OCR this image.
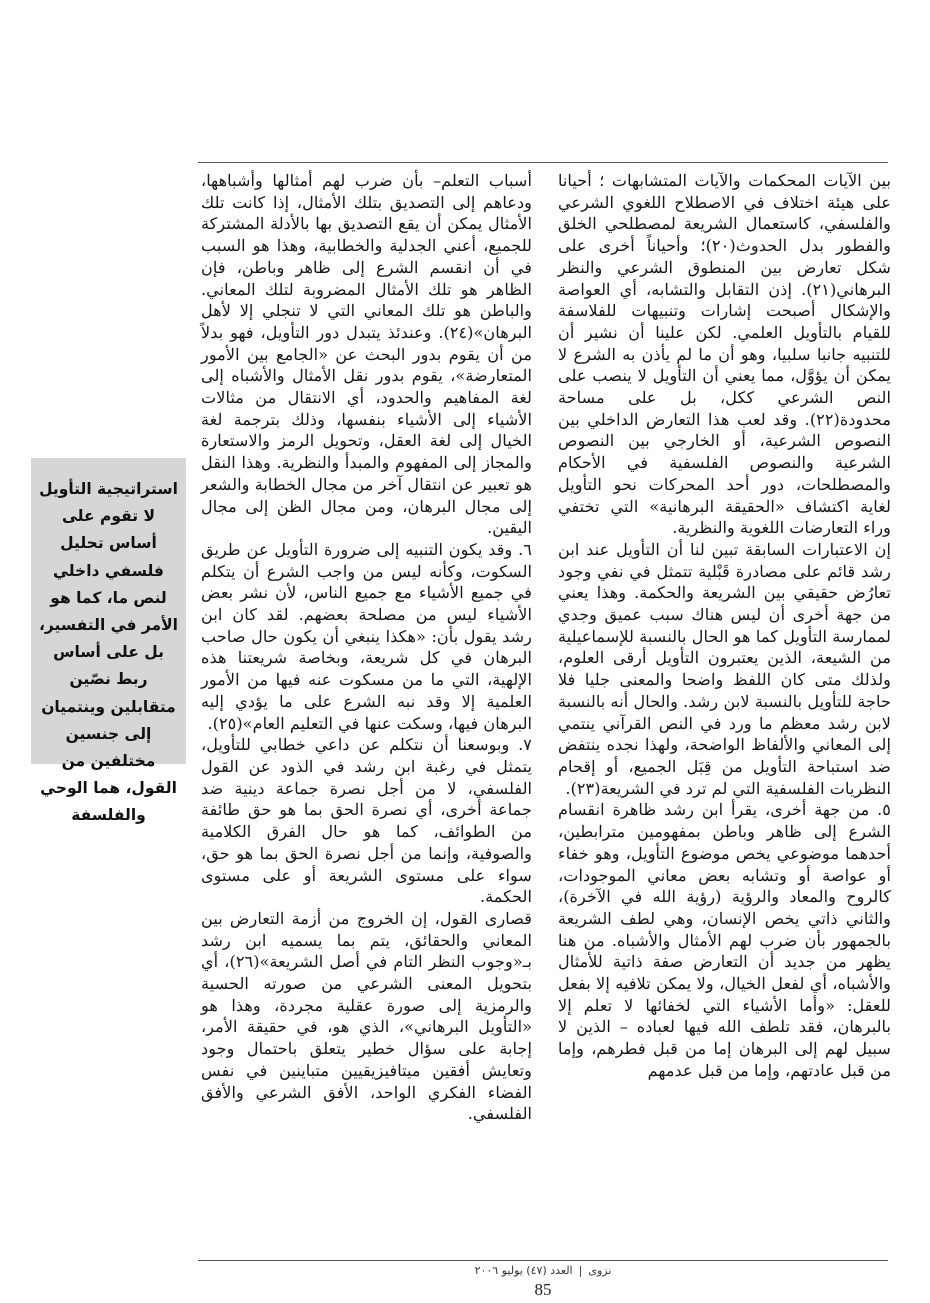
بين الآيات المحكمات والآيات المتشابهات ؛ أحيانا على هيئة اختلاف في الاصطلاح اللغوي الشرعي والفلسفي، كاستعمال الشريعة لمصطلحي الخلق والفطور بدل الحدوث(٢٠)؛ وأحياناً أخرى على شكل تعارض بين المنطوق الشرعي والنظر البرهاني(٢١). إذن التقابل والتشابه، أي العواصة والإشكال أصبحت إشارات وتنبيهات للفلاسفة للقيام بالتأويل العلمي. لكن علينا أن نشير أن للتنبيه جانبا سلبيا، وهو أن ما لم يأذن به الشرع لا يمكن أن يؤوَّل، مما يعني أن التأويل لا ينصب على النص الشرعي ككل، بل على مساحة محدودة(٢٢). وقد لعب هذا التعارض الداخلي بين النصوص الشرعية، أو الخارجي بين النصوص الشرعية والنصوص الفلسفية في الأحكام والمصطلحات، دور أحد المحركات نحو التأويل لغاية اكتشاف «الحقيقة البرهانية» التي تختفي وراء التعارضات اللغوية والنظرية.

إن الاعتبارات السابقة تبين لنا أن التأويل عند ابن رشد قائم على مصادرة قَبْلية تتمثل في نفي وجود تعارُض حقيقي بين الشريعة والحكمة. وهذا يعني من جهة أخرى أن ليس هناك سبب عميق وجدي لممارسة التأويل كما هو الحال بالنسبة للإسماعيلية من الشيعة، الذين يعتبرون التأويل أرقى العلوم، ولذلك متى كان اللفظ واضحا والمعنى جليا فلا حاجة للتأويل بالنسبة لابن رشد. والحال أنه بالنسبة لابن رشد معظم ما ورد في النص القرآني ينتمي إلى المعاني والألفاظ الواضحة، ولهذا نجده ينتفض ضد استباحة التأويل من قِبَل الجميع، أو إقحام النظريات الفلسفية التي لم ترد في الشريعة(٢٣).

٥. من جهة أخرى، يقرأ ابن رشد ظاهرة انقسام الشرع إلى ظاهر وباطن بمفهومين مترابطين، أحدهما موضوعي يخص موضوع التأويل، وهو خفاء أو عواصة أو وتشابه بعض معاني الموجودات، كالروح والمعاد والرؤية (رؤية الله في الآخرة)، والثاني ذاتي يخص الإنسان، وهي لطف الشريعة بالجمهور بأن ضرب لهم الأمثال والأشباه. من هنا يظهر من جديد أن التعارض صفة ذاتية للأمثال والأشباه، أي لفعل الخيال، ولا يمكن تلافيه إلا بفعل للعقل: «وأما الأشياء التي لخفائها لا تعلم إلا بالبرهان، فقد تلطف الله فيها لعباده – الذين لا سبيل لهم إلى البرهان إما من قبل فطرهم، وإما من قبل عادتهم، وإما من قبل عدمهم

أسباب التعلم– بأن ضرب لهم أمثالها وأشباهها، ودعاهم إلى التصديق بتلك الأمثال، إذا كانت تلك الأمثال يمكن أن يقع التصديق بها بالأدلة المشتركة للجميع، أعني الجدلية والخطابية، وهذا هو السبب في أن انقسم الشرع إلى ظاهر وباطن، فإن الظاهر هو تلك الأمثال المضروبة لتلك المعاني. والباطن هو تلك المعاني التي لا تنجلي إلا لأهل البرهان»(٢٤). وعندئذ يتبدل دور التأويل، فهو بدلاً من أن يقوم بدور البحث عن «الجامع بين الأمور المتعارضة»، يقوم بدور نقل الأمثال والأشباه إلى لغة المفاهيم والحدود، أي الانتقال من مثالات الأشياء إلى الأشياء بنفسها، وذلك بترجمة لغة الخيال إلى لغة العقل، وتحويل الرمز والاستعارة والمجاز إلى المفهوم والمبدأ والنظرية. وهذا النقل هو تعبير عن انتقال آخر من مجال الخطابة والشعر إلى مجال البرهان، ومن مجال الظن إلى مجال اليقين.

٦. وقد يكون التنبيه إلى ضرورة التأويل عن طريق السكوت، وكأنه ليس من واجب الشرع أن يتكلم في جميع الأشياء مع جميع الناس، لأن نشر بعض الأشياء ليس من مصلحة بعضهم. لقد كان ابن رشد يقول بأن: «هكذا ينبغي أن يكون حال صاحب البرهان في كل شريعة، وبخاصة شريعتنا هذه الإلهية، التي ما من مسكوت عنه فيها من الأمور العلمية إلا وقد نبه الشرع على ما يؤدي إليه البرهان فيها، وسكت عنها في التعليم العام»(٢٥).

٧. وبوسعنا أن نتكلم عن داعي خطابي للتأويل، يتمثل في رغبة ابن رشد في الذود عن القول الفلسفي، لا من أجل نصرة جماعة دينية ضد جماعة أخرى، أي نصرة الحق بما هو حق طائفة من الطوائف، كما هو حال الفرق الكلامية والصوفية، وإنما من أجل نصرة الحق بما هو حق، سواء على مستوى الشريعة أو على مستوى الحكمة.

قصارى القول، إن الخروج من أزمة التعارض بين المعاني والحقائق، يتم بما يسميه ابن رشد بـ«وجوب النظر التام في أصل الشريعة»(٢٦)، أي بتحويل المعنى الشرعي من صورته الحسية والرمزية إلى صورة عقلية مجردة، وهذا هو «التأويل البرهاني»، الذي هو، في حقيقة الأمر، إجابة على سؤال خطير يتعلق باحتمال وجود وتعايش أفقين ميتافيزيقيين متباينين في نفس الفضاء الفكري الواحد، الأفق الشرعي والأفق الفلسفي.

استراتيجية التأويل لا تقوم على أساس تحليل فلسفي داخلي لنص ما، كما هو الأمر في التفسير، بل على أساس ربط نصّين متقابلين وينتميان إلى جنسين مختلفين من القول، هما الوحي والفلسفة
نزوى|العدد (٤٧) يوليو ٢٠٠٦
85
